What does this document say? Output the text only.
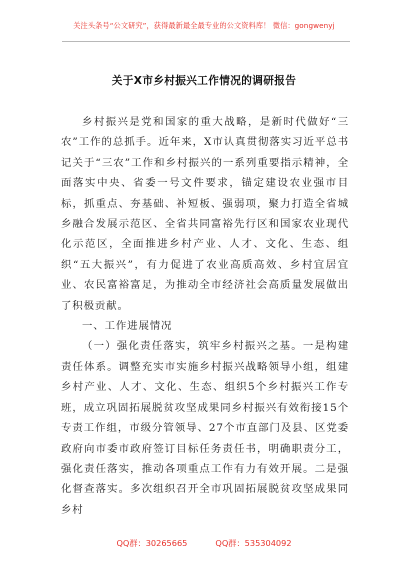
关注头条号“公文研究”，获得最新最全最专业的公文资料库！ 微信：gongwenyj
关于X市乡村振兴工作情况的调研报告

乡村振兴是党和国家的重大战略，是新时代做好“三农”工作的总抓手。近年来，X市认真贯彻落实习近平总书记关于“三农”工作和乡村振兴的一系列重要指示精神，全面落实中央、省委一号文件要求，锚定建设农业强市目标，抓重点、夯基础、补短板、强弱项，聚力打造全省城乡融合发展示范区、全省共同富裕先行区和国家农业现代化示范区，全面推进乡村产业、人才、文化、生态、组织“五大振兴”，有力促进了农业高质高效、乡村宜居宜业、农民富裕富足，为推动全市经济社会高质量发展做出了积极贡献。

一、工作进展情况

（一）强化责任落实，筑牢乡村振兴之基。一是构建责任体系。调整充实市实施乡村振兴战略领导小组，组建乡村产业、人才、文化、生态、组织5个乡村振兴工作专班，成立巩固拓展脱贫攻坚成果同乡村振兴有效衔接15个专责工作组，市级分管领导、27个市直部门及县、区党委政府向市委市政府签订目标任务责任书，明确职责分工，强化责任落实，推动各项重点工作有力有效开展。二是强化督查落实。多次组织召开全市巩固拓展脱贫攻坚成果同乡村

QQ群：30265665	QQ群：535304092
